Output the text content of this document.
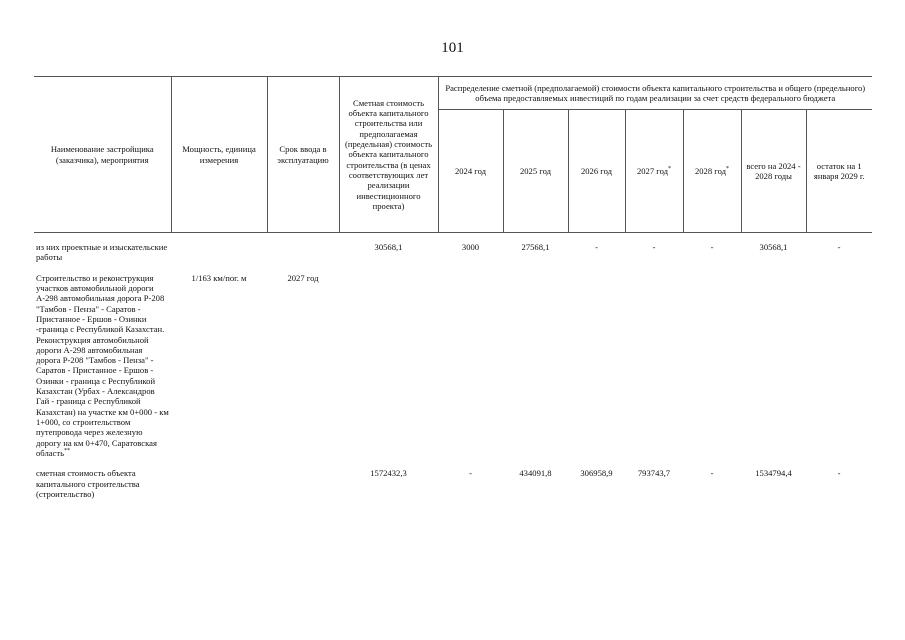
101
Наименование застройщика (заказчика), мероприятия	Мощность, единица измерения	Срок ввода в эксплуатацию	Сметная стоимость объекта капитального строительства или предполагаемая (предельная) стоимость объекта капитального строительства (в ценах соответствующих лет реализации инвестиционного проекта)	Распределение сметной (предполагаемой) стоимости объекта капитального строительства и общего (предельного) объема предоставляемых инвестиций по годам реализации за счет средств федерального бюджета						
				2024 год	2025 год	2026 год	2027 год*	2028 год*	всего на 2024 - 2028 годы	остаток на 1 января 2029 г.

из них проектные и изыскательские работы			30568,1	3000	27568,1	-	-	-	30568,1	-

Строительство и реконструкция участков автомобильной дороги А-298 автомобильная дорога Р-208 "Тамбов - Пенза" - Саратов - Пристанное - Ершов - Озинки -граница с Республикой Казахстан. Реконструкция автомобильной дороги А-298 автомобильная дорога Р-208 "Тамбов - Пенза" - Саратов - Пристанное - Ершов - Озинки - граница с Республикой Казахстан (Урбах - Александров Гай - граница с Республикой Казахстан) на участке км 0+000 - км 1+000, со строительством путепровода через железную дорогу на км 0+470, Саратовская область**	1/163 км/пог. м	2027 год								

сметная стоимость объекта капитального строительства (строительство)			1572432,3	-	434091,8	306958,9	793743,7	-	1534794,4	-
